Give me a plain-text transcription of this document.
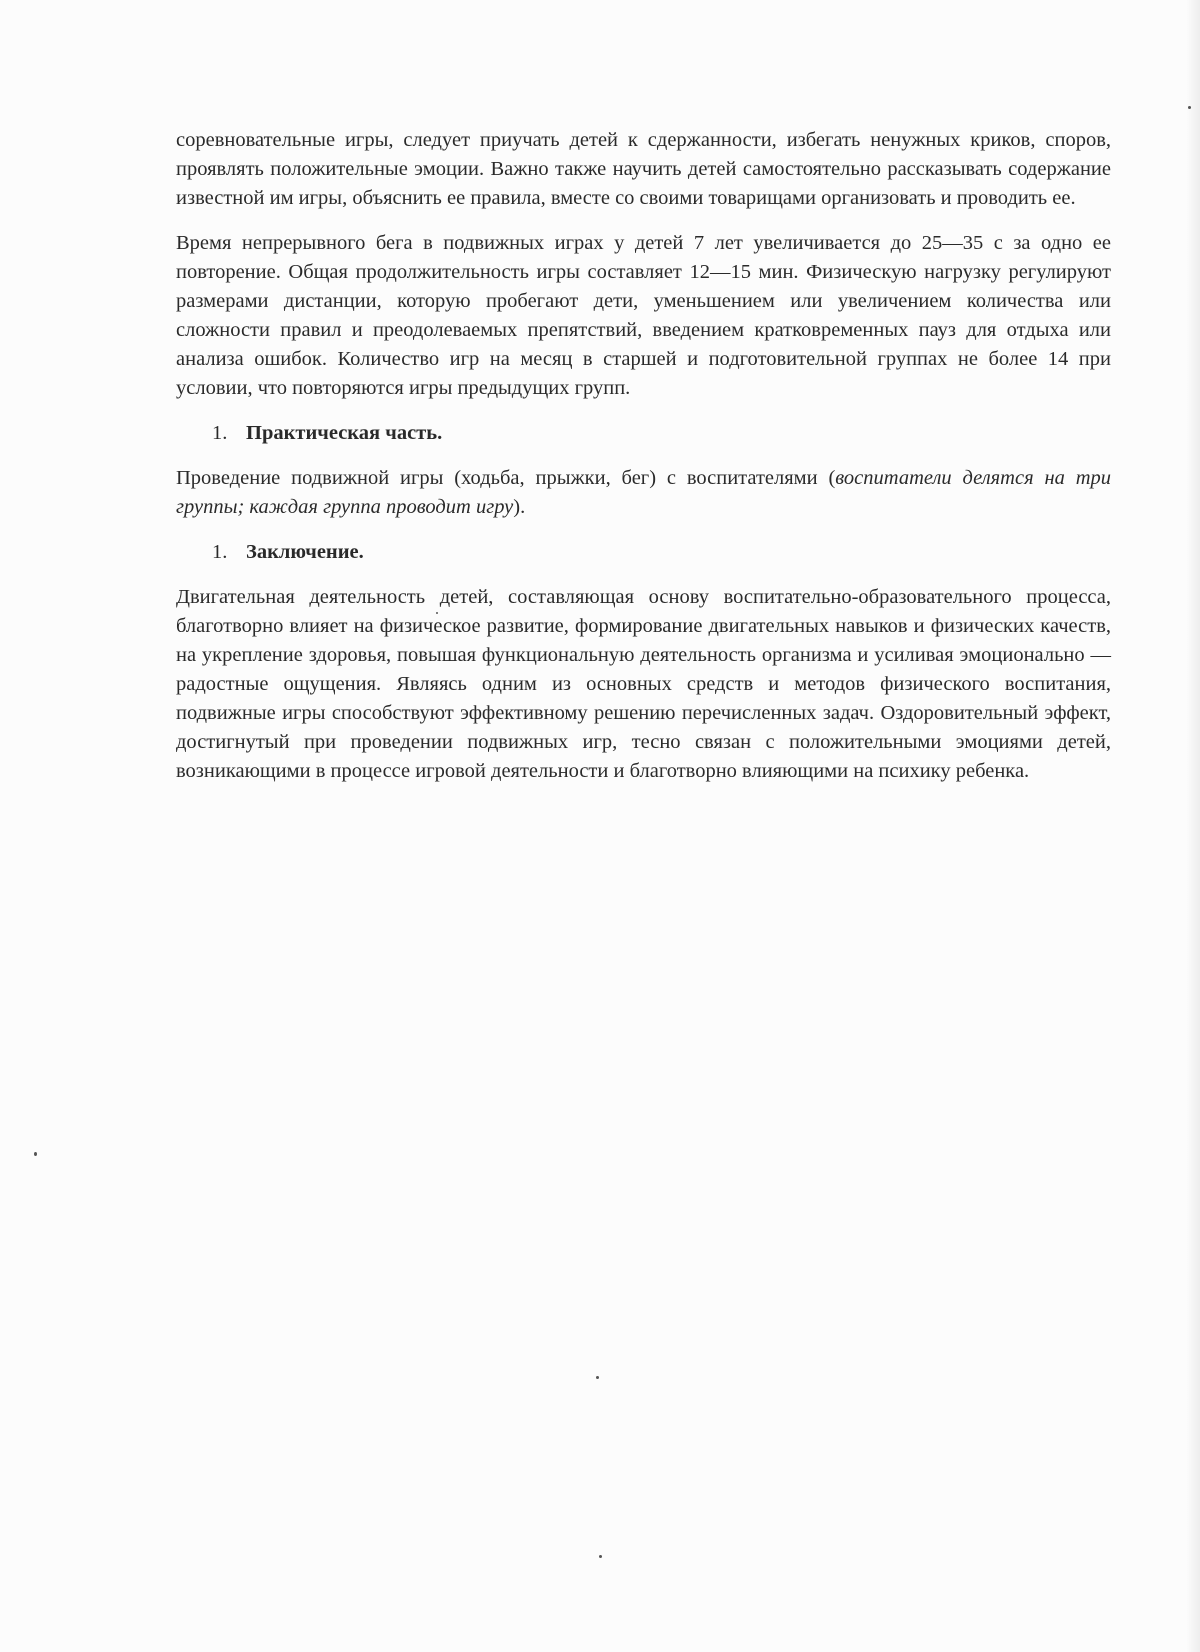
соревновательные игры, следует приучать детей к сдержанности, избегать ненужных криков, споров, проявлять положительные эмоции. Важно также научить детей самостоятельно рассказывать содержание известной им игры, объяснить ее правила, вместе со своими товарищами организовать и проводить ее.

Время непрерывного бега в подвижных играх у детей 7 лет увеличивается до 25—35 с за одно ее повторение. Общая продолжительность игры составляет 12—15 мин. Физическую нагрузку регулируют размерами дистанции, которую пробегают дети, уменьшением или увеличением количества или сложности правил и преодолеваемых препятствий, введением кратковременных пауз для отдыха или анализа ошибок. Количество игр на месяц в старшей и подготовительной группах не более 14 при условии, что повторяются игры предыдущих групп.

1. Практическая часть.

Проведение подвижной игры (ходьба, прыжки, бег) с воспитателями (воспитатели делятся на три группы; каждая группа проводит игру).

1. Заключение.

Двигательная деятельность детей, составляющая основу воспитательно-образовательного процесса, благотворно влияет на физическое развитие, формирование двигательных навыков и физических качеств, на укрепление здоровья, повышая функциональную деятельность организма и усиливая эмоционально — радостные ощущения. Являясь одним из основных средств и методов физического воспитания, подвижные игры способствуют эффективному решению перечисленных задач. Оздоровительный эффект, достигнутый при проведении подвижных игр, тесно связан с положительными эмоциями детей, возникающими в процессе игровой деятельности и благотворно влияющими на психику ребенка.
